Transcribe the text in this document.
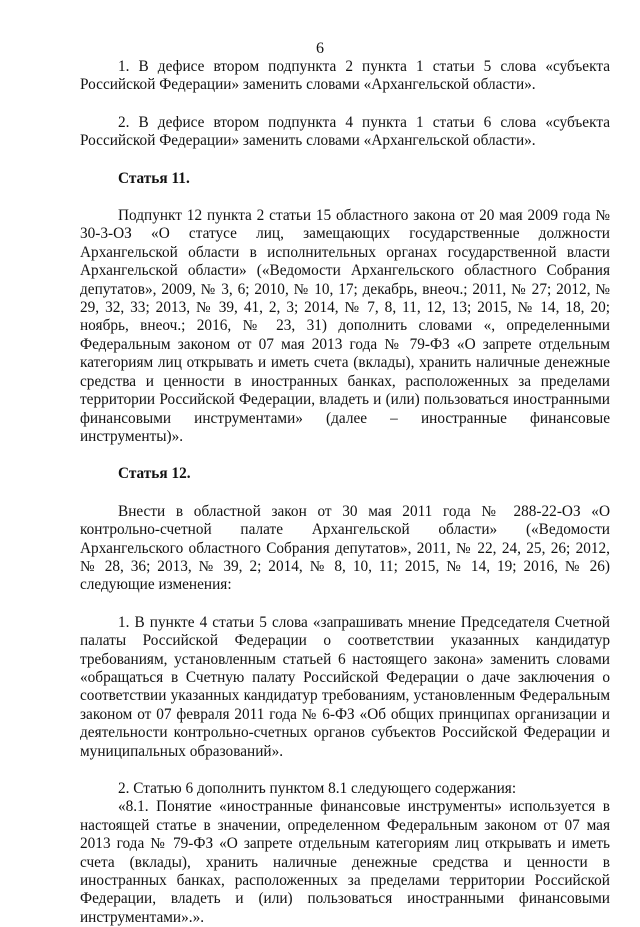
6

1. В дефисе втором подпункта 2 пункта 1 статьи 5 слова «субъекта Российской Федерации» заменить словами «Архангельской области».

2. В дефисе втором подпункта 4 пункта 1 статьи 6 слова «субъекта Российской Федерации» заменить словами «Архангельской области».

Статья 11.

Подпункт 12 пункта 2 статьи 15 областного закона от 20 мая 2009 года № 30-3-ОЗ «О статусе лиц, замещающих государственные должности Архангельской области в исполнительных органах государственной власти Архангельской области» («Ведомости Архангельского областного Собрания депутатов», 2009, № 3, 6; 2010, № 10, 17; декабрь, внеоч.; 2011, № 27; 2012, № 29, 32, 33; 2013, № 39, 41, 2, 3; 2014, № 7, 8, 11, 12, 13; 2015, № 14, 18, 20; ноябрь, внеоч.; 2016, № 23, 31) дополнить словами «, определенными Федеральным законом от 07 мая 2013 года № 79-ФЗ «О запрете отдельным категориям лиц открывать и иметь счета (вклады), хранить наличные денежные средства и ценности в иностранных банках, расположенных за пределами территории Российской Федерации, владеть и (или) пользоваться иностранными финансовыми инструментами» (далее – иностранные финансовые инструменты)».

Статья 12.

Внести в областной закон от 30 мая 2011 года № 288-22-ОЗ «О контрольно-счетной палате Архангельской области» («Ведомости Архангельского областного Собрания депутатов», 2011, № 22, 24, 25, 26; 2012, № 28, 36; 2013, № 39, 2; 2014, № 8, 10, 11; 2015, № 14, 19; 2016, № 26) следующие изменения:

1. В пункте 4 статьи 5 слова «запрашивать мнение Председателя Счетной палаты Российской Федерации о соответствии указанных кандидатур требованиям, установленным статьей 6 настоящего закона» заменить словами «обращаться в Счетную палату Российской Федерации о даче заключения о соответствии указанных кандидатур требованиям, установленным Федеральным законом от 07 февраля 2011 года № 6-ФЗ «Об общих принципах организации и деятельности контрольно-счетных органов субъектов Российской Федерации и муниципальных образований».

2. Статью 6 дополнить пунктом 8.1 следующего содержания:

«8.1. Понятие «иностранные финансовые инструменты» используется в настоящей статье в значении, определенном Федеральным законом от 07 мая 2013 года № 79-ФЗ «О запрете отдельным категориям лиц открывать и иметь счета (вклады), хранить наличные денежные средства и ценности в иностранных банках, расположенных за пределами территории Российской Федерации, владеть и (или) пользоваться иностранными финансовыми инструментами».».
